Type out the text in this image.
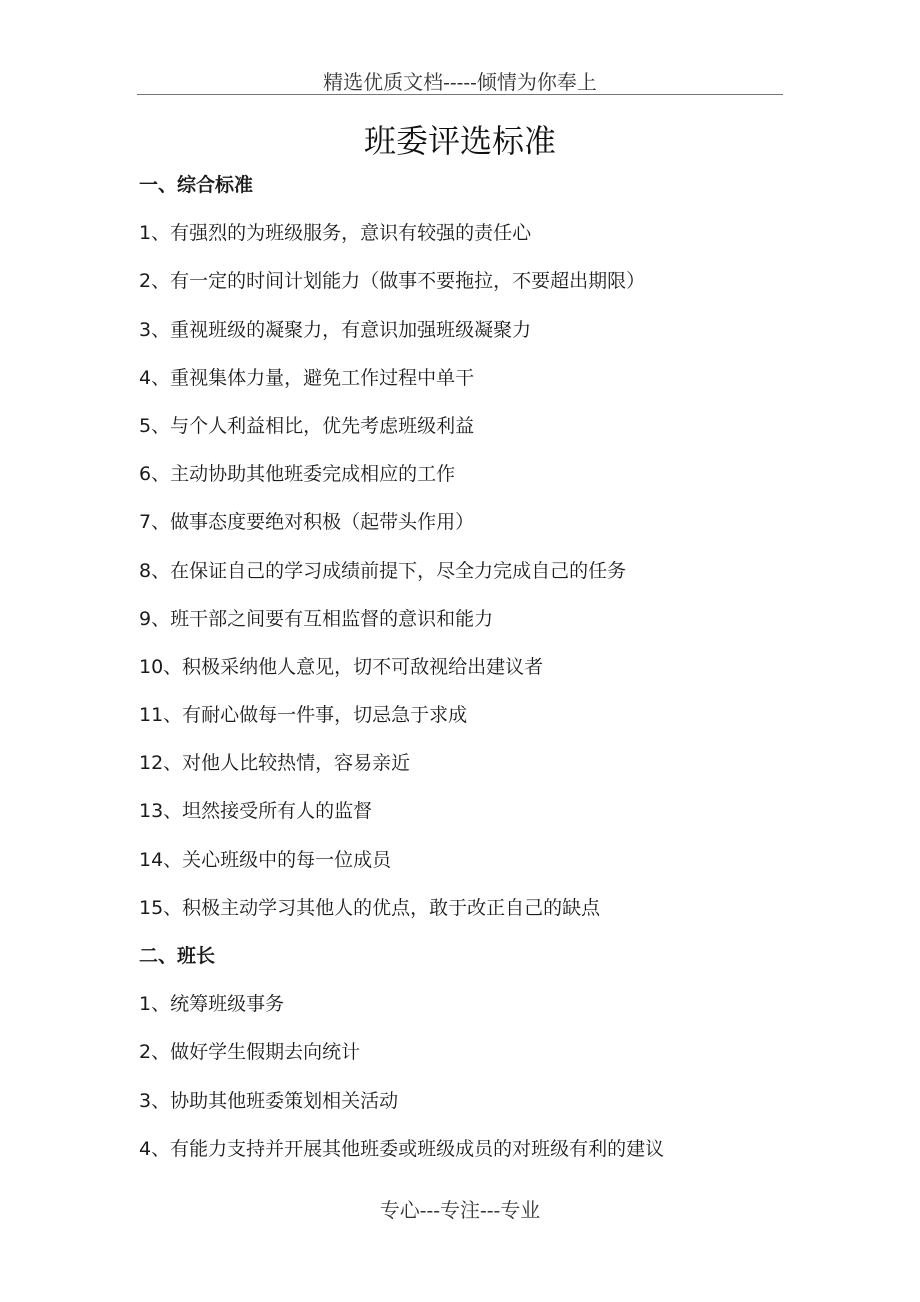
精选优质文档-----倾情为你奉上
班委评选标准
一、综合标准
1、有强烈的为班级服务，意识有较强的责任心
2、有一定的时间计划能力（做事不要拖拉，不要超出期限）
3、重视班级的凝聚力，有意识加强班级凝聚力
4、重视集体力量，避免工作过程中单干
5、与个人利益相比，优先考虑班级利益
6、主动协助其他班委完成相应的工作
7、做事态度要绝对积极（起带头作用）
8、在保证自己的学习成绩前提下，尽全力完成自己的任务
9、班干部之间要有互相监督的意识和能力
10、积极采纳他人意见，切不可敌视给出建议者
11、有耐心做每一件事，切忌急于求成
12、对他人比较热情，容易亲近
13、坦然接受所有人的监督
14、关心班级中的每一位成员
15、积极主动学习其他人的优点，敢于改正自己的缺点
二、班长
1、统筹班级事务
2、做好学生假期去向统计
3、协助其他班委策划相关活动
4、有能力支持并开展其他班委或班级成员的对班级有利的建议
专心---专注---专业
